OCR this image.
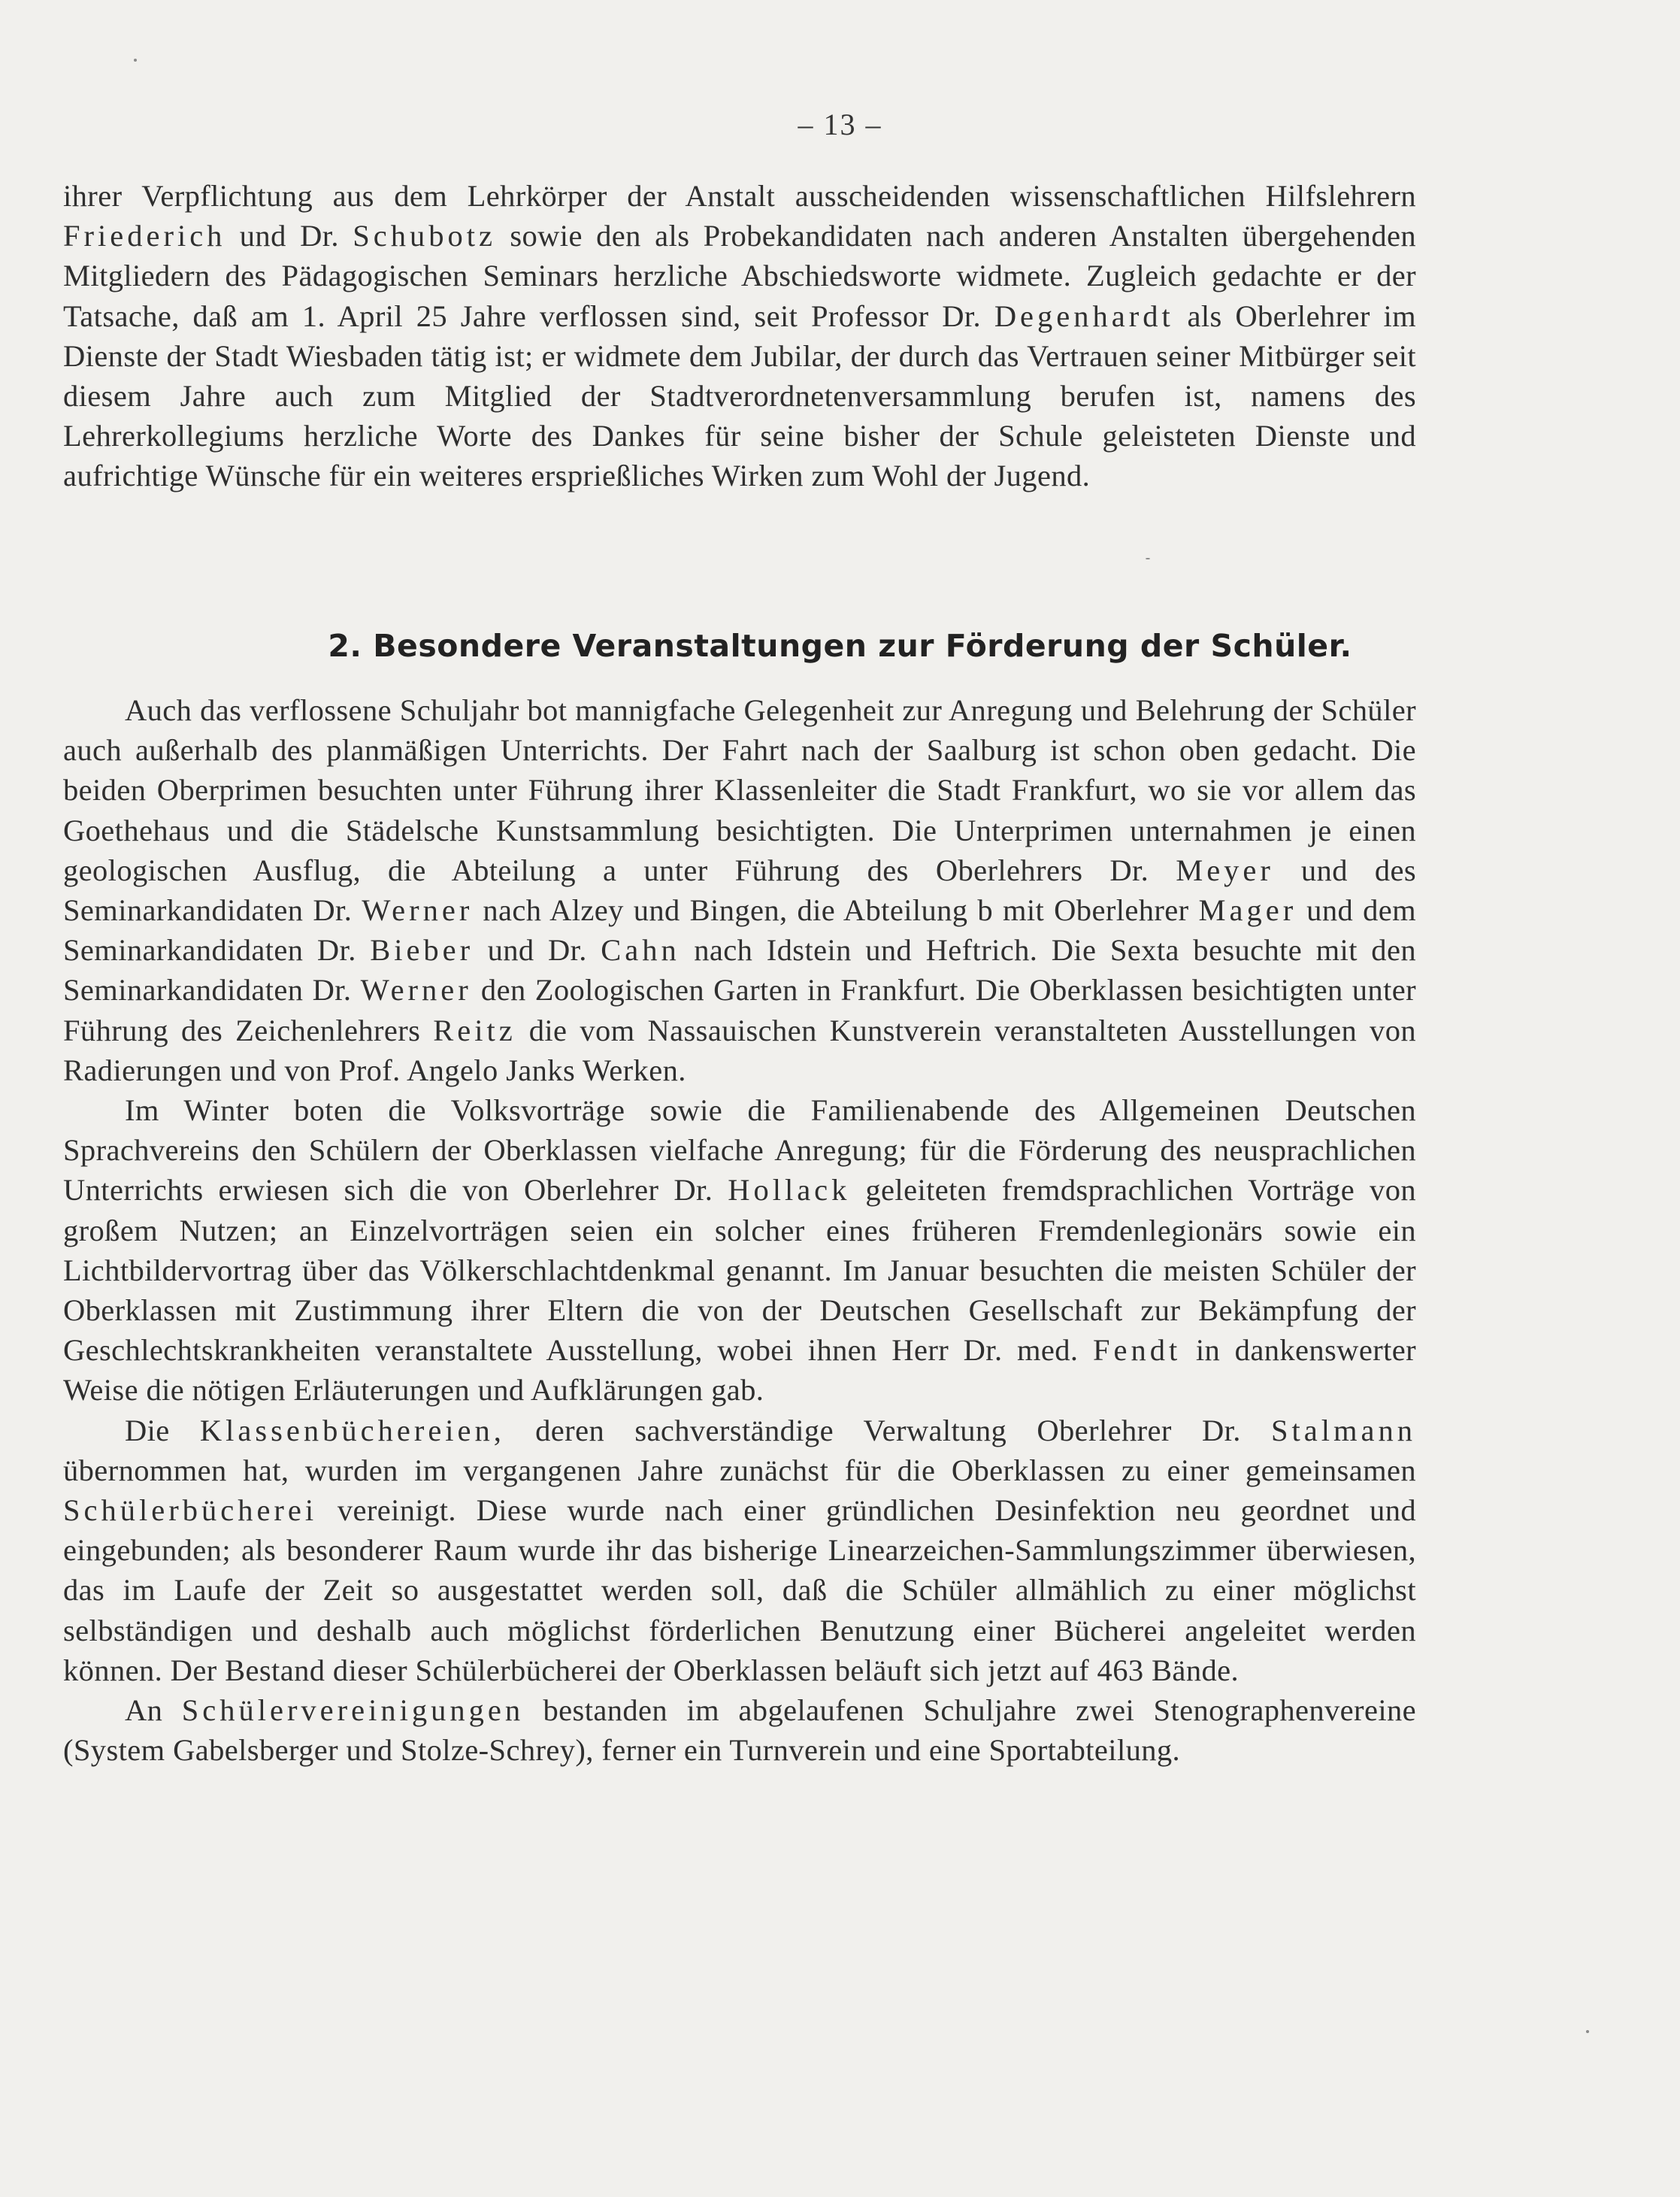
– 13 –

ihrer Verpflichtung aus dem Lehrkörper der Anstalt ausscheidenden wissenschaftlichen Hilfslehrern Friederich und Dr. Schubotz sowie den als Probekandidaten nach anderen Anstalten übergehenden Mitgliedern des Pädagogischen Seminars herzliche Abschiedsworte widmete. Zugleich gedachte er der Tatsache, daß am 1. April 25 Jahre verflossen sind, seit Professor Dr. Degenhardt als Oberlehrer im Dienste der Stadt Wiesbaden tätig ist; er widmete dem Jubilar, der durch das Vertrauen seiner Mitbürger seit diesem Jahre auch zum Mitglied der Stadtverordnetenversammlung berufen ist, namens des Lehrerkollegiums herzliche Worte des Dankes für seine bisher der Schule geleisteten Dienste und aufrichtige Wünsche für ein weiteres ersprießliches Wirken zum Wohl der Jugend.

2. Besondere Veranstaltungen zur Förderung der Schüler.

Auch das verflossene Schuljahr bot mannigfache Gelegenheit zur Anregung und Belehrung der Schüler auch außerhalb des planmäßigen Unterrichts. Der Fahrt nach der Saalburg ist schon oben gedacht. Die beiden Oberprimen besuchten unter Führung ihrer Klassenleiter die Stadt Frankfurt, wo sie vor allem das Goethehaus und die Städelsche Kunstsammlung besichtigten. Die Unterprimen unternahmen je einen geologischen Ausflug, die Abteilung a unter Führung des Oberlehrers Dr. Meyer und des Seminarkandidaten Dr. Werner nach Alzey und Bingen, die Abteilung b mit Oberlehrer Mager und dem Seminarkandidaten Dr. Bieber und Dr. Cahn nach Idstein und Heftrich. Die Sexta besuchte mit den Seminarkandidaten Dr. Werner den Zoologischen Garten in Frankfurt. Die Oberklassen besichtigten unter Führung des Zeichenlehrers Reitz die vom Nassauischen Kunstverein veranstalteten Ausstellungen von Radierungen und von Prof. Angelo Janks Werken.

Im Winter boten die Volksvorträge sowie die Familienabende des Allgemeinen Deutschen Sprachvereins den Schülern der Oberklassen vielfache Anregung; für die Förderung des neusprachlichen Unterrichts erwiesen sich die von Oberlehrer Dr. Hollack geleiteten fremdsprachlichen Vorträge von großem Nutzen; an Einzelvorträgen seien ein solcher eines früheren Fremdenlegionärs sowie ein Lichtbildervortrag über das Völkerschlachtdenkmal genannt. Im Januar besuchten die meisten Schüler der Oberklassen mit Zustimmung ihrer Eltern die von der Deutschen Gesellschaft zur Bekämpfung der Geschlechtskrankheiten veranstaltete Ausstellung, wobei ihnen Herr Dr. med. Fendt in dankenswerter Weise die nötigen Erläuterungen und Aufklärungen gab.

Die Klassenbüchereien, deren sachverständige Verwaltung Oberlehrer Dr. Stalmann übernommen hat, wurden im vergangenen Jahre zunächst für die Oberklassen zu einer gemeinsamen Schülerbücherei vereinigt. Diese wurde nach einer gründlichen Desinfektion neu geordnet und eingebunden; als besonderer Raum wurde ihr das bisherige Linearzeichen-Sammlungszimmer überwiesen, das im Laufe der Zeit so ausgestattet werden soll, daß die Schüler allmählich zu einer möglichst selbständigen und deshalb auch möglichst förderlichen Benutzung einer Bücherei angeleitet werden können. Der Bestand dieser Schülerbücherei der Oberklassen beläuft sich jetzt auf 463 Bände.

An Schülervereinigungen bestanden im abgelaufenen Schuljahre zwei Stenographenvereine (System Gabelsberger und Stolze-Schrey), ferner ein Turnverein und eine Sportabteilung.
